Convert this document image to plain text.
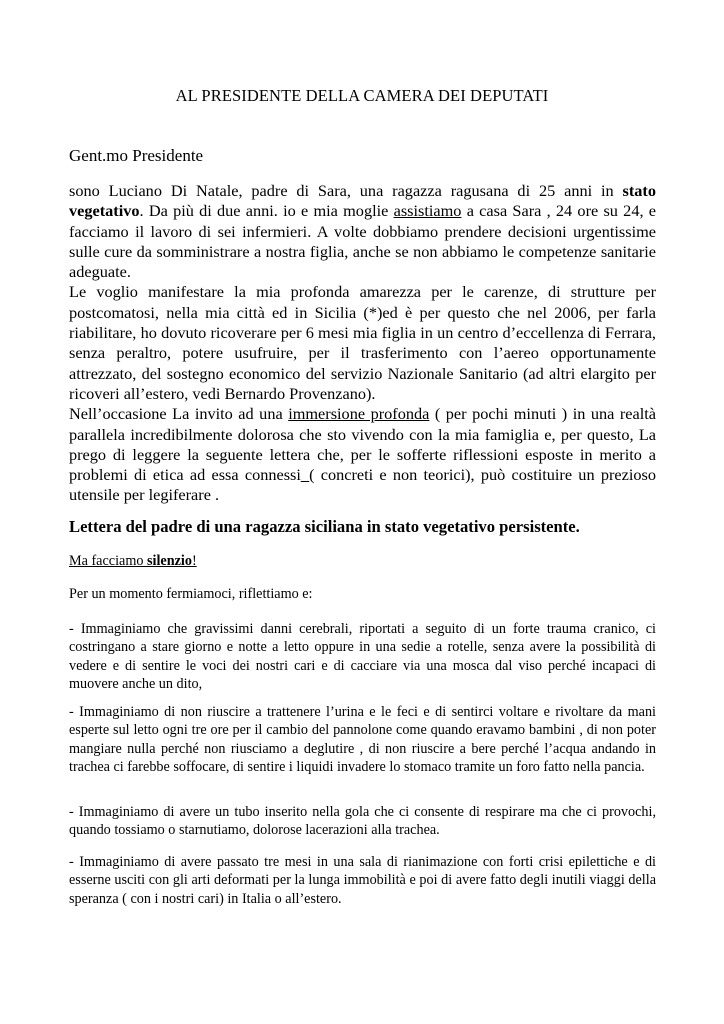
AL PRESIDENTE DELLA CAMERA DEI DEPUTATI
Gent.mo Presidente

sono Luciano Di Natale, padre di Sara, una ragazza ragusana di 25 anni in stato vegetativo. Da più di due anni. io e mia moglie assistiamo a casa Sara , 24 ore su 24, e facciamo il lavoro di sei infermieri. A volte dobbiamo prendere decisioni urgentissime sulle cure da somministrare a nostra figlia, anche se non abbiamo le competenze sanitarie adeguate.

Le voglio manifestare la mia profonda amarezza per le carenze, di strutture per postcomatosi, nella mia città ed in Sicilia (*)ed è per questo che nel 2006, per farla riabilitare, ho dovuto ricoverare per 6 mesi mia figlia in un centro d’eccellenza di Ferrara, senza peraltro, potere usufruire, per il trasferimento con l’aereo opportunamente attrezzato, del sostegno economico del servizio Nazionale Sanitario (ad altri elargito per ricoveri all’estero, vedi Bernardo Provenzano).

Nell’occasione La invito ad una immersione profonda ( per pochi minuti ) in una realtà parallela incredibilmente dolorosa che sto vivendo con la mia famiglia e, per questo, La prego di leggere la seguente lettera che, per le sofferte riflessioni esposte in merito a problemi di etica ad essa connessi_( concreti e non teorici), può costituire un prezioso utensile per legiferare .

Lettera del padre di una ragazza siciliana in stato vegetativo persistente.
Ma facciamo silenzio!
Per un momento fermiamoci, riflettiamo e:
- Immaginiamo che gravissimi danni cerebrali, riportati a seguito di un forte trauma cranico, ci costringano a stare giorno e notte a letto oppure in una sedie a rotelle, senza avere la possibilità di vedere e di sentire le voci dei nostri cari e di cacciare via una mosca dal viso perché incapaci di muovere anche un dito,
- Immaginiamo di non riuscire a trattenere l’urina e le feci e di sentirci voltare e rivoltare da mani esperte sul letto ogni tre ore per il cambio del pannolone come quando eravamo bambini , di non poter mangiare nulla perché non riusciamo a deglutire , di non riuscire a bere perché l’acqua andando in trachea ci farebbe soffocare, di sentire i liquidi invadere lo stomaco tramite un foro fatto nella pancia.
- Immaginiamo di avere un tubo inserito nella gola che ci consente di respirare ma che ci provochi, quando tossiamo o starnutiamo, dolorose lacerazioni alla trachea.
- Immaginiamo di avere passato tre mesi in una sala di rianimazione con forti crisi epilettiche e di esserne usciti con gli arti deformati per la lunga immobilità e poi di avere fatto degli inutili viaggi della speranza ( con i nostri cari) in Italia o all’estero.
